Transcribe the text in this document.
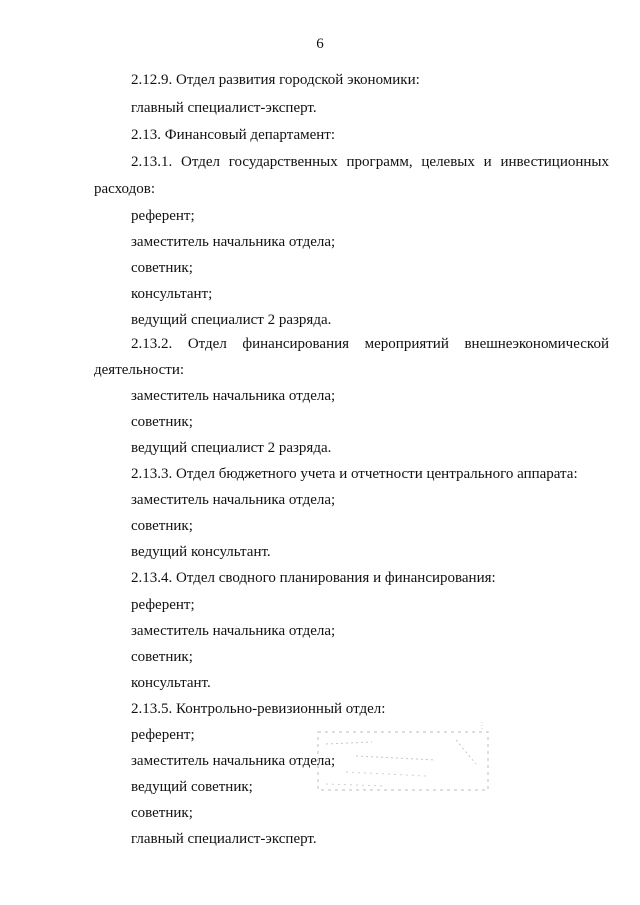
6
2.12.9. Отдел развития городской экономики:
главный специалист-эксперт.
2.13. Финансовый департамент:
2.13.1. Отдел государственных программ, целевых и инвестиционных
расходов:
референт;
заместитель начальника отдела;
советник;
консультант;
ведущий специалист 2 разряда.
2.13.2. Отдел финансирования мероприятий внешнеэкономической
деятельности:
заместитель начальника отдела;
советник;
ведущий специалист 2 разряда.
2.13.3. Отдел бюджетного учета и отчетности центрального аппарата:
заместитель начальника отдела;
советник;
ведущий консультант.
2.13.4. Отдел сводного планирования и финансирования:
референт;
заместитель начальника отдела;
советник;
консультант.
2.13.5. Контрольно-ревизионный отдел:
референт;
заместитель начальника отдела;
ведущий советник;
советник;
главный специалист-эксперт.
